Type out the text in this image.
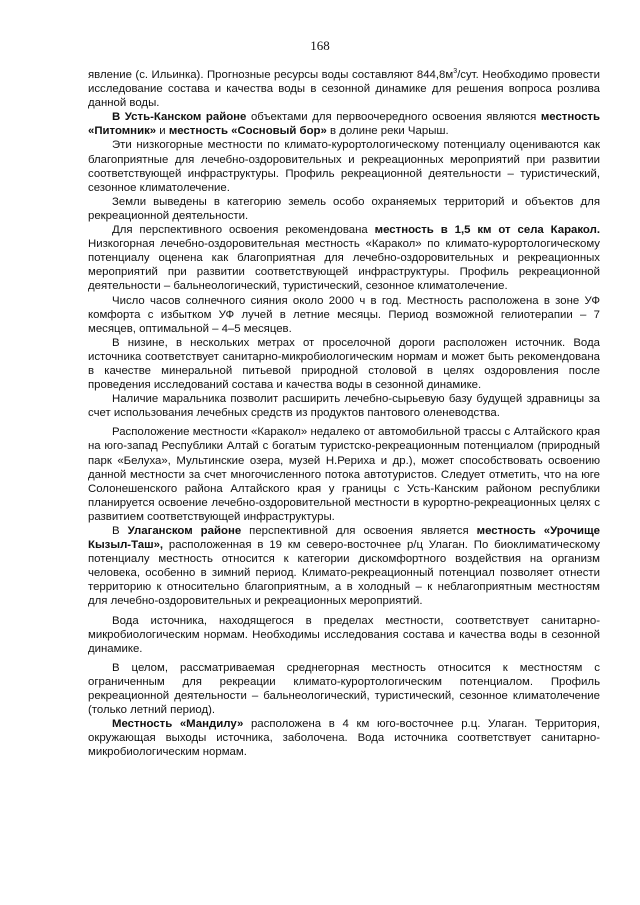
168

явление (с. Ильинка). Прогнозные ресурсы воды составляют $844,8м^3$/сут. Необходимо провести исследование состава и качества воды в сезонной динамике для решения вопроса розлива данной воды.

В Усть-Канском районе объектами для первоочередного освоения являются местность «Питомник» и местность «Сосновый бор» в долине реки Чарыш.

Эти низкогорные местности по климато-курортологическому потенциалу оцениваются как благоприятные для лечебно-оздоровительных и рекреационных мероприятий при развитии соответствующей инфраструктуры. Профиль рекреационной деятельности – туристический, сезонное климатолечение.

Земли выведены в категорию земель особо охраняемых территорий и объектов для рекреационной деятельности.

Для перспективного освоения рекомендована местность в 1,5 км от села Каракол. Низкогорная лечебно-оздоровительная местность «Каракол» по климато-курортологическому потенциалу оценена как благоприятная для лечебно-оздоровительных и рекреационных мероприятий при развитии соответствующей инфраструктуры. Профиль рекреационной деятельности – бальнеологический, туристический, сезонное климатолечение.

Число часов солнечного сияния около 2000 ч в год. Местность расположена в зоне УФ комфорта с избытком УФ лучей в летние месяцы. Период возможной гелиотерапии – 7 месяцев, оптимальной – 4–5 месяцев.

В низине, в нескольких метрах от проселочной дороги расположен источник. Вода источника соответствует санитарно-микробиологическим нормам и может быть рекомендована в качестве минеральной питьевой природной столовой в целях оздоровления после проведения исследований состава и качества воды в сезонной динамике.

Наличие маральника позволит расширить лечебно-сырьевую базу будущей здравницы за счет использования лечебных средств из продуктов пантового оленеводства.

Расположение местности «Каракол» недалеко от автомобильной трассы с Алтайского края на юго-запад Республики Алтай с богатым туристско-рекреационным потенциалом (природный парк «Белуха», Мультинские озера, музей Н.Рериха и др.), может способствовать освоению данной местности за счет многочисленного потока автотуристов. Следует отметить, что на юге Солонешенского района Алтайского края у границы с Усть-Канским районом республики планируется освоение лечебно-оздоровительной местности в курортно-рекреационных целях с развитием соответствующей инфраструктуры.

В Улаганском районе перспективной для освоения является местность «Урочище Кызыл-Таш», расположенная в 19 км северо-восточнее р/ц Улаган. По биоклиматическому потенциалу местность относится к категории дискомфортного воздействия на организм человека, особенно в зимний период. Климато-рекреационный потенциал позволяет отнести территорию к относительно благоприятным, а в холодный – к неблагоприятным местностям для лечебно-оздоровительных и рекреационных мероприятий.

Вода источника, находящегося в пределах местности, соответствует санитарно-микробиологическим нормам. Необходимы исследования состава и качества воды в сезонной динамике.

В целом, рассматриваемая среднегорная местность относится к местностям с ограниченным для рекреации климато-курортологическим потенциалом. Профиль рекреационной деятельности – бальнеологический, туристический, сезонное климатолечение (только летний период).

Местность «Мандилу» расположена в 4 км юго-восточнее р.ц. Улаган. Территория, окружающая выходы источника, заболочена. Вода источника соответствует санитарно-микробиологическим нормам.
